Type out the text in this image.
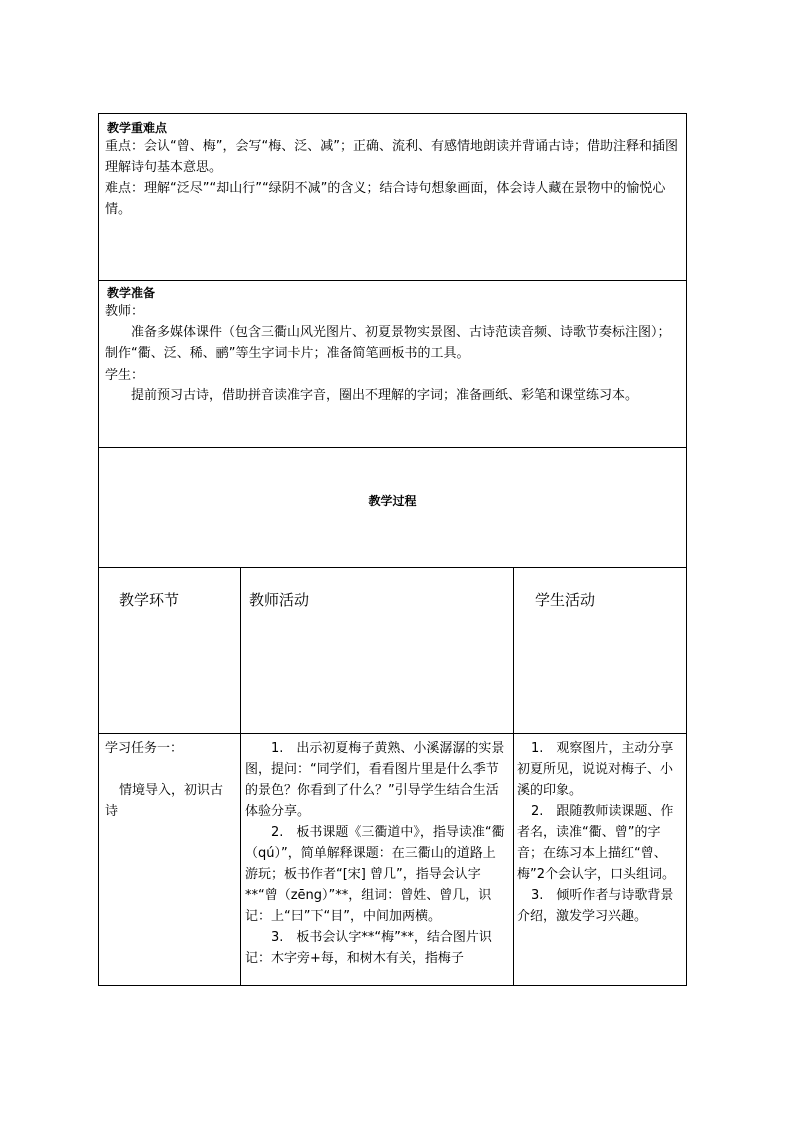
教学重难点
重点：会认“曾、梅”，会写“梅、泛、减”；正确、流利、有感情地朗读并背诵古诗；借助注释和插图理解诗句基本意思。
难点：理解“泛尽”“却山行”“绿阴不减”的含义；结合诗句想象画面，体会诗人藏在景物中的愉悦心情。
教学准备
教师：
准备多媒体课件（包含三衢山风光图片、初夏景物实景图、古诗范读音频、诗歌节奏标注图）；制作“衢、泛、稀、鹂”等生字词卡片；准备简笔画板书的工具。
学生：
提前预习古诗，借助拼音读准字音，圈出不理解的字词；准备画纸、彩笔和课堂练习本。
教学过程
教学环节	教师活动	学生活动
学习任务一：
情境导入，初识古诗
1.　出示初夏梅子黄熟、小溪潺潺的实景图，提问：“同学们，看看图片里是什么季节的景色？你看到了什么？”引导学生结合生活体验分享。
2.　板书课题《三衢道中》，指导读准“衢（qú）”，简单解释课题：在三衢山的道路上游玩；板书作者“[宋] 曾几”，指导会认字**“曾（zēng）”**，组词：曾姓、曾几，识记：上“曰”下“目”，中间加两横。
3.　板书会认字**“梅”**，结合图片识记：木字旁+每，和树木有关，指梅子
1.　观察图片，主动分享初夏所见，说说对梅子、小溪的印象。
2.　跟随教师读课题、作者名，读准“衢、曾”的字音；在练习本上描红“曾、梅”2个会认字，口头组词。
3.　倾听作者与诗歌背景介绍，激发学习兴趣。
